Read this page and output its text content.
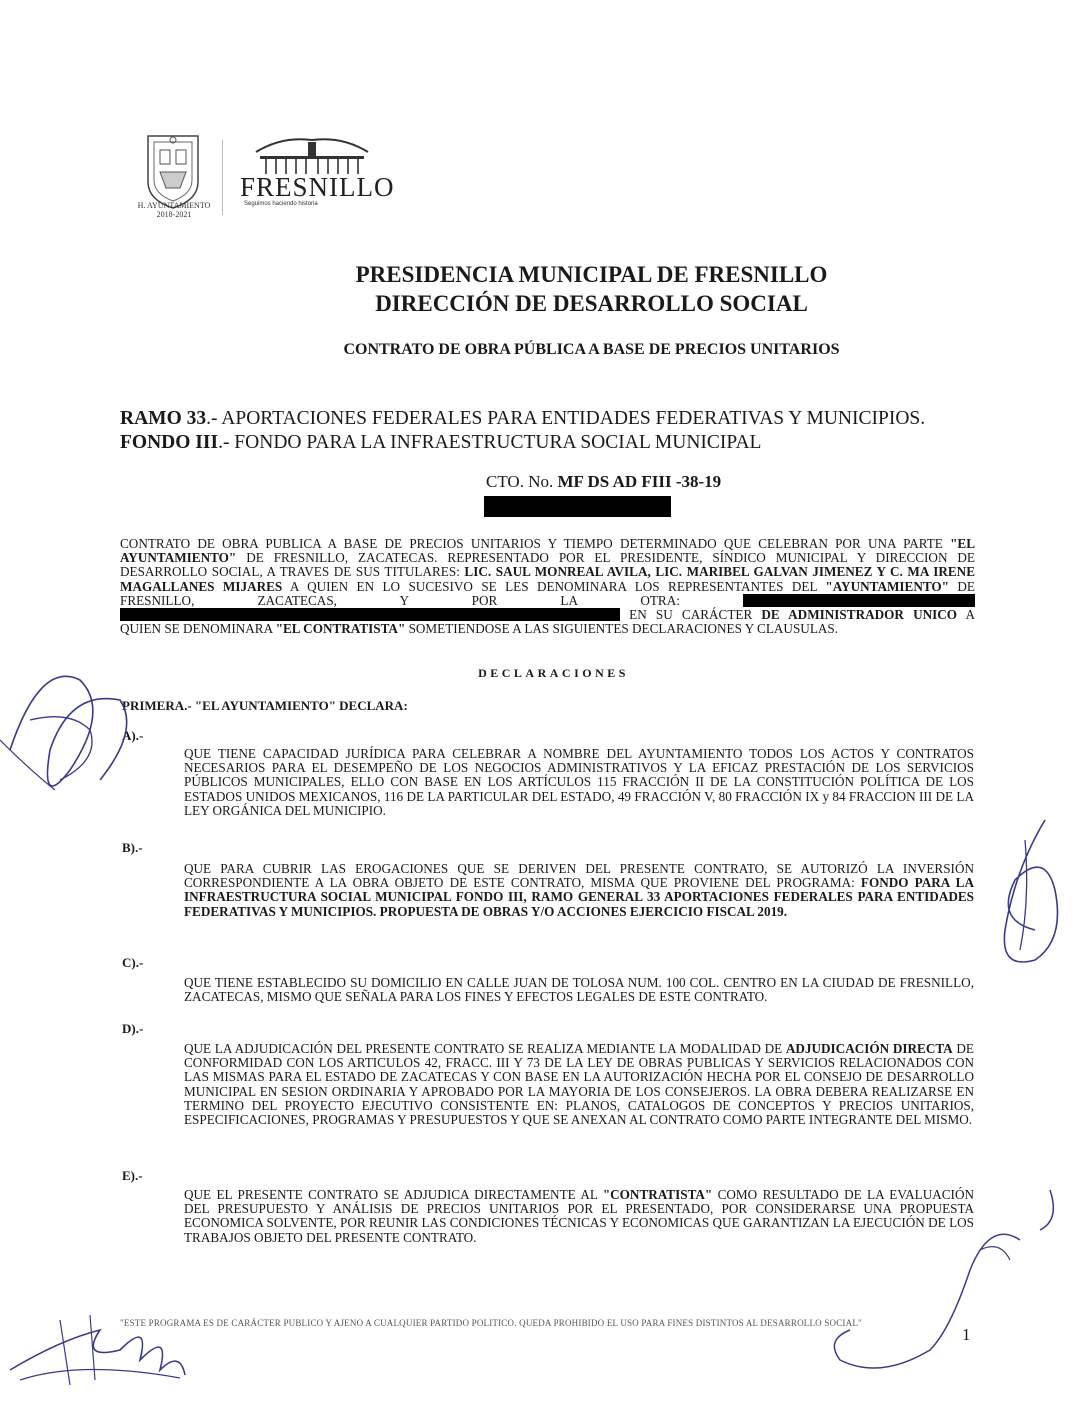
H. AYUNTAMIENTO
2018-2021
FRESNILLO
Seguimos haciendo historia
PRESIDENCIA MUNICIPAL DE FRESNILLO
DIRECCIÓN DE DESARROLLO SOCIAL
CONTRATO DE OBRA PÚBLICA A BASE DE PRECIOS UNITARIOS
RAMO 33.- APORTACIONES FEDERALES PARA ENTIDADES FEDERATIVAS Y MUNICIPIOS.
FONDO III.- FONDO PARA LA INFRAESTRUCTURA SOCIAL MUNICIPAL
CTO. No. MF DS AD FIII -38-19
CONTRATO DE OBRA PUBLICA A BASE DE PRECIOS UNITARIOS Y TIEMPO DETERMINADO QUE CELEBRAN POR UNA PARTE "EL AYUNTAMIENTO" DE FRESNILLO, ZACATECAS. REPRESENTADO POR EL PRESIDENTE, SÍNDICO MUNICIPAL Y DIRECCION DE DESARROLLO SOCIAL, A TRAVES DE SUS TITULARES: LIC. SAUL MONREAL AVILA, LIC. MARIBEL GALVAN JIMENEZ Y C. MA IRENE MAGALLANES MIJARES A QUIEN EN LO SUCESIVO SE LES DENOMINARA LOS REPRESENTANTES DEL "AYUNTAMIENTO" DE FRESNILLO, ZACATECAS, Y POR LA OTRA:  EN SU CARÁCTER DE ADMINISTRADOR UNICO A QUIEN SE DENOMINARA "EL CONTRATISTA" SOMETIENDOSE A LAS SIGUIENTES DECLARACIONES Y CLAUSULAS.
DECLARACIONES
PRIMERA.- "EL AYUNTAMIENTO" DECLARA:
A).-
QUE TIENE CAPACIDAD JURÍDICA PARA CELEBRAR A NOMBRE DEL AYUNTAMIENTO TODOS LOS ACTOS Y CONTRATOS NECESARIOS PARA EL DESEMPEÑO DE LOS NEGOCIOS ADMINISTRATIVOS Y LA EFICAZ PRESTACIÓN DE LOS SERVICIOS PÚBLICOS MUNICIPALES, ELLO CON BASE EN LOS ARTÍCULOS 115 FRACCIÓN II DE LA CONSTITUCIÓN POLÍTICA DE LOS ESTADOS UNIDOS MEXICANOS, 116 DE LA PARTICULAR DEL ESTADO, 49 FRACCIÓN V, 80 FRACCIÓN IX y 84 FRACCION III DE LA LEY ORGÁNICA DEL MUNICIPIO.
B).-
QUE PARA CUBRIR LAS EROGACIONES QUE SE DERIVEN DEL PRESENTE CONTRATO, SE AUTORIZÓ LA INVERSIÓN CORRESPONDIENTE A LA OBRA OBJETO DE ESTE CONTRATO, MISMA QUE PROVIENE DEL PROGRAMA: FONDO PARA LA INFRAESTRUCTURA SOCIAL MUNICIPAL FONDO III, RAMO GENERAL 33 APORTACIONES FEDERALES PARA ENTIDADES FEDERATIVAS Y MUNICIPIOS. PROPUESTA DE OBRAS Y/O ACCIONES EJERCICIO FISCAL 2019.
C).-
QUE TIENE ESTABLECIDO SU DOMICILIO EN CALLE JUAN DE TOLOSA NUM. 100 COL. CENTRO EN LA CIUDAD DE FRESNILLO, ZACATECAS, MISMO QUE SEÑALA PARA LOS FINES Y EFECTOS LEGALES DE ESTE CONTRATO.
D).-
QUE LA ADJUDICACIÓN DEL PRESENTE CONTRATO SE REALIZA MEDIANTE LA MODALIDAD DE ADJUDICACIÓN DIRECTA DE CONFORMIDAD CON LOS ARTICULOS 42, FRACC. III Y 73 DE LA LEY DE OBRAS PUBLICAS Y SERVICIOS RELACIONADOS CON LAS MISMAS PARA EL ESTADO DE ZACATECAS Y CON BASE EN LA AUTORIZACIÓN HECHA POR EL CONSEJO DE DESARROLLO MUNICIPAL EN SESION ORDINARIA Y APROBADO POR LA MAYORIA DE LOS CONSEJEROS. LA OBRA DEBERA REALIZARSE EN TERMINO DEL PROYECTO EJECUTIVO CONSISTENTE EN: PLANOS, CATALOGOS DE CONCEPTOS Y PRECIOS UNITARIOS, ESPECIFICACIONES, PROGRAMAS Y PRESUPUESTOS Y QUE SE ANEXAN AL CONTRATO COMO PARTE INTEGRANTE DEL MISMO.
E).-
QUE EL PRESENTE CONTRATO SE ADJUDICA DIRECTAMENTE AL "CONTRATISTA" COMO RESULTADO DE LA EVALUACIÓN DEL PRESUPUESTO Y ANÁLISIS DE PRECIOS UNITARIOS POR EL PRESENTADO, POR CONSIDERARSE UNA PROPUESTA ECONOMICA SOLVENTE, POR REUNIR LAS CONDICIONES TÉCNICAS Y ECONOMICAS QUE GARANTIZAN LA EJECUCIÓN DE LOS TRABAJOS OBJETO DEL PRESENTE CONTRATO.
"ESTE PROGRAMA ES DE CARÁCTER PUBLICO Y AJENO A CUALQUIER PARTIDO POLITICO. QUEDA PROHIBIDO EL USO PARA FINES DISTINTOS AL DESARROLLO SOCIAL"
1
